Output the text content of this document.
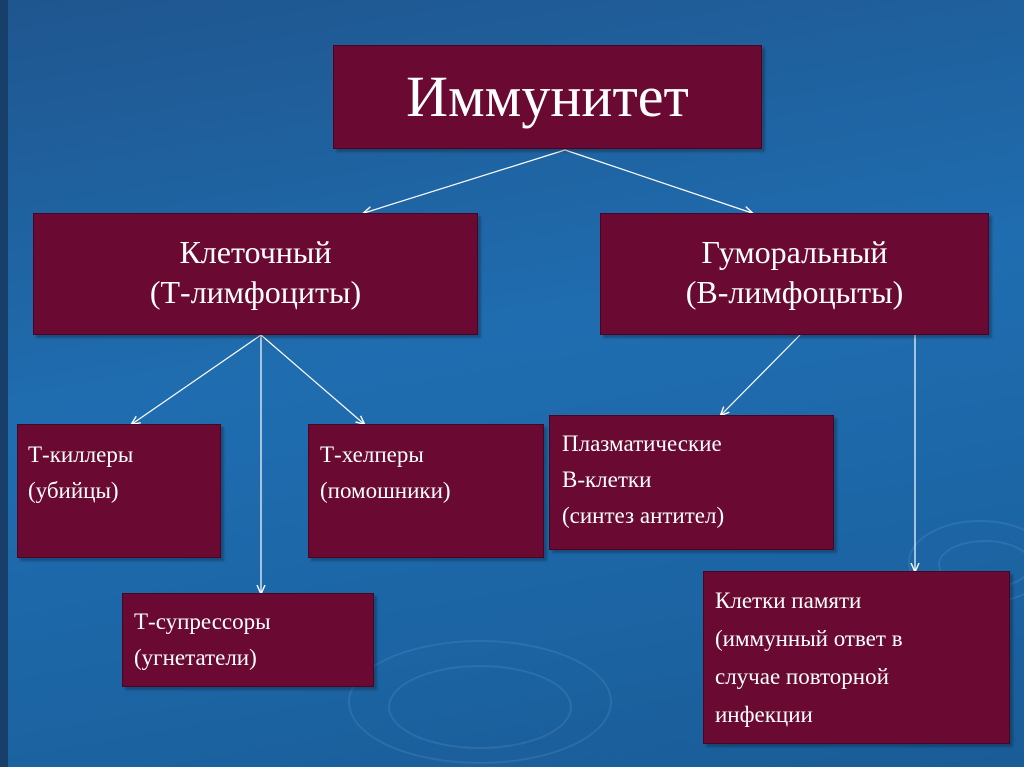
Иммунитет
Клеточный
(Т-лимфоциты)
Гуморальный
(В-лимфоцыты)
Т-киллеры
(убийцы)
Т-хелперы
(помошники)
Т-супрессоры
(угнетатели)
Плазматические
В-клетки
(синтез антител)
Клетки памяти
(иммунный ответ в
случае повторной
инфекции
